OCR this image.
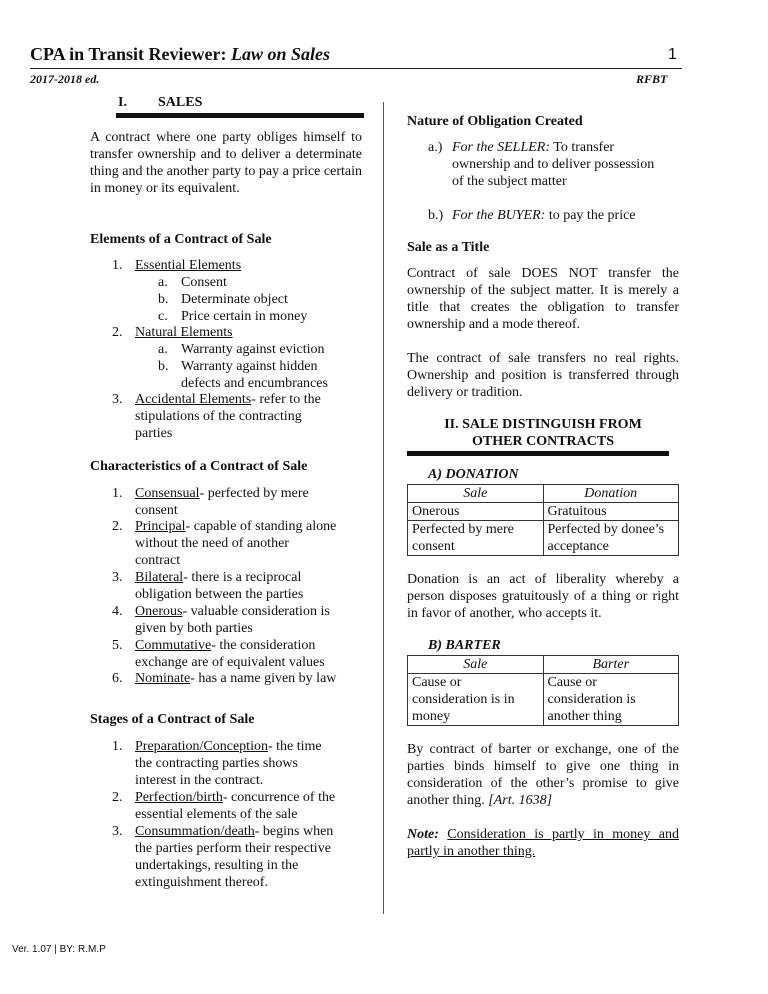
CPA in Transit Reviewer: Law on Sales	1
2017-2018 ed.	RFBT
I. SALES
A contract where one party obliges himself to transfer ownership and to deliver a determinate thing and the another party to pay a price certain in money or its equivalent.
Elements of a Contract of Sale
1. Essential Elements
a. Consent
b. Determinate object
c. Price certain in money
2. Natural Elements
a. Warranty against eviction
b. Warranty against hidden
defects and encumbrances
3. Accidental Elements- refer to the
stipulations of the contracting
parties
Characteristics of a Contract of Sale
1. Consensual- perfected by mere
consent
2. Principal- capable of standing alone
without the need of another
contract
3. Bilateral- there is a reciprocal
obligation between the parties
4. Onerous- valuable consideration is
given by both parties
5. Commutative- the consideration
exchange are of equivalent values
6. Nominate- has a name given by law
Stages of a Contract of Sale
1. Preparation/Conception- the time
the contracting parties shows
interest in the contract.
2. Perfection/birth- concurrence of the
essential elements of the sale
3. Consummation/death- begins when
the parties perform their respective
undertakings, resulting in the
extinguishment thereof.
Nature of Obligation Created
a.) For the SELLER: To transfer
ownership and to deliver possession
of the subject matter
b.) For the BUYER: to pay the price
Sale as a Title
Contract of sale DOES NOT transfer the ownership of the subject matter. It is merely a title that creates the obligation to transfer ownership and a mode thereof.
The contract of sale transfers no real rights. Ownership and position is transferred through delivery or tradition.
II. SALE DISTINGUISH FROM
OTHER CONTRACTS
A) DONATION
Sale	Donation
Onerous	Gratuitous
Perfected by mere consent	Perfected by donee’s acceptance
Donation is an act of liberality whereby a person disposes gratuitously of a thing or right in favor of another, who accepts it.
B) BARTER
Sale	Barter
Cause or consideration is in money	Cause or consideration is another thing
By contract of barter or exchange, one of the parties binds himself to give one thing in consideration of the other’s promise to give another thing. [Art. 1638]
Note: Consideration is partly in money and partly in another thing.
Ver. 1.07 | BY: R.M.P
